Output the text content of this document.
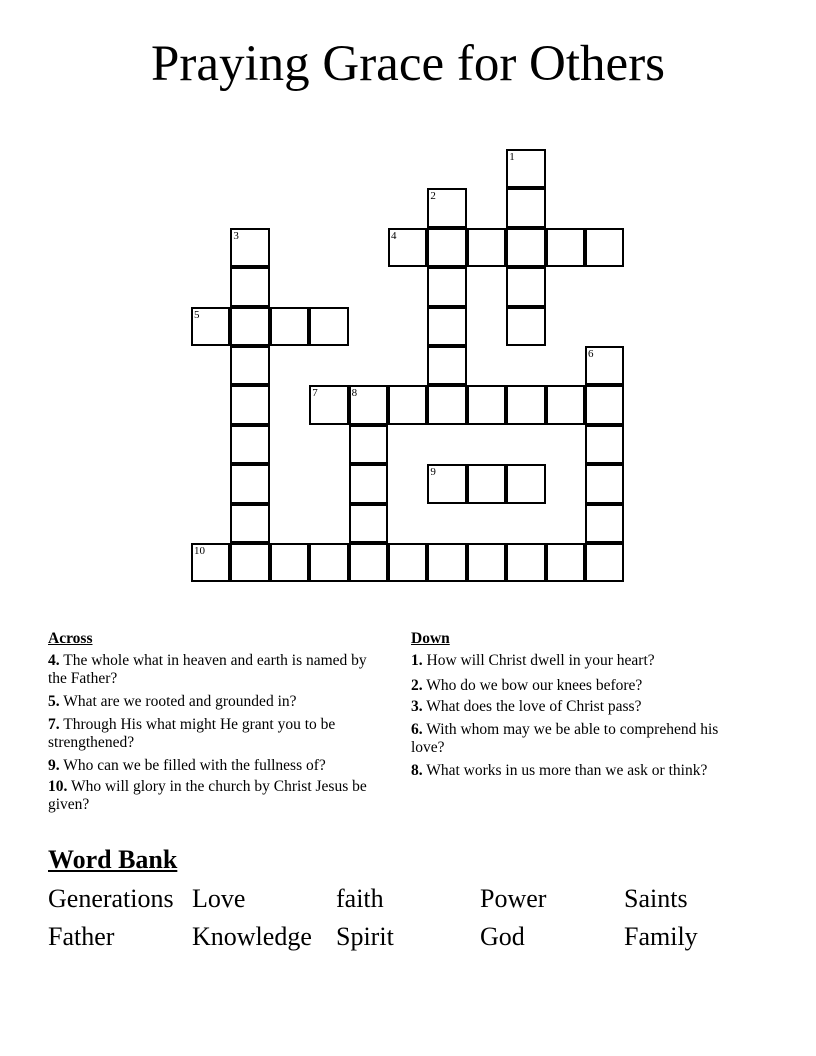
Praying Grace for Others
1
2
3	4
5
6
7	8
9
10
Across
4. The whole what in heaven and earth is named by the Father?
5. What are we rooted and grounded in?
7. Through His what might He grant you to be strengthened?
9. Who can we be filled with the fullness of?
10. Who will glory in the church by Christ Jesus be given?
Down
1. How will Christ dwell in your heart?
2. Who do we bow our knees before?
3. What does the love of Christ pass?
6. With whom may we be able to comprehend his love?
8. What works in us more than we ask or think?
Word Bank
Generations Love	faith	Power	Saints
Father	Knowledge Spirit	God	Family
